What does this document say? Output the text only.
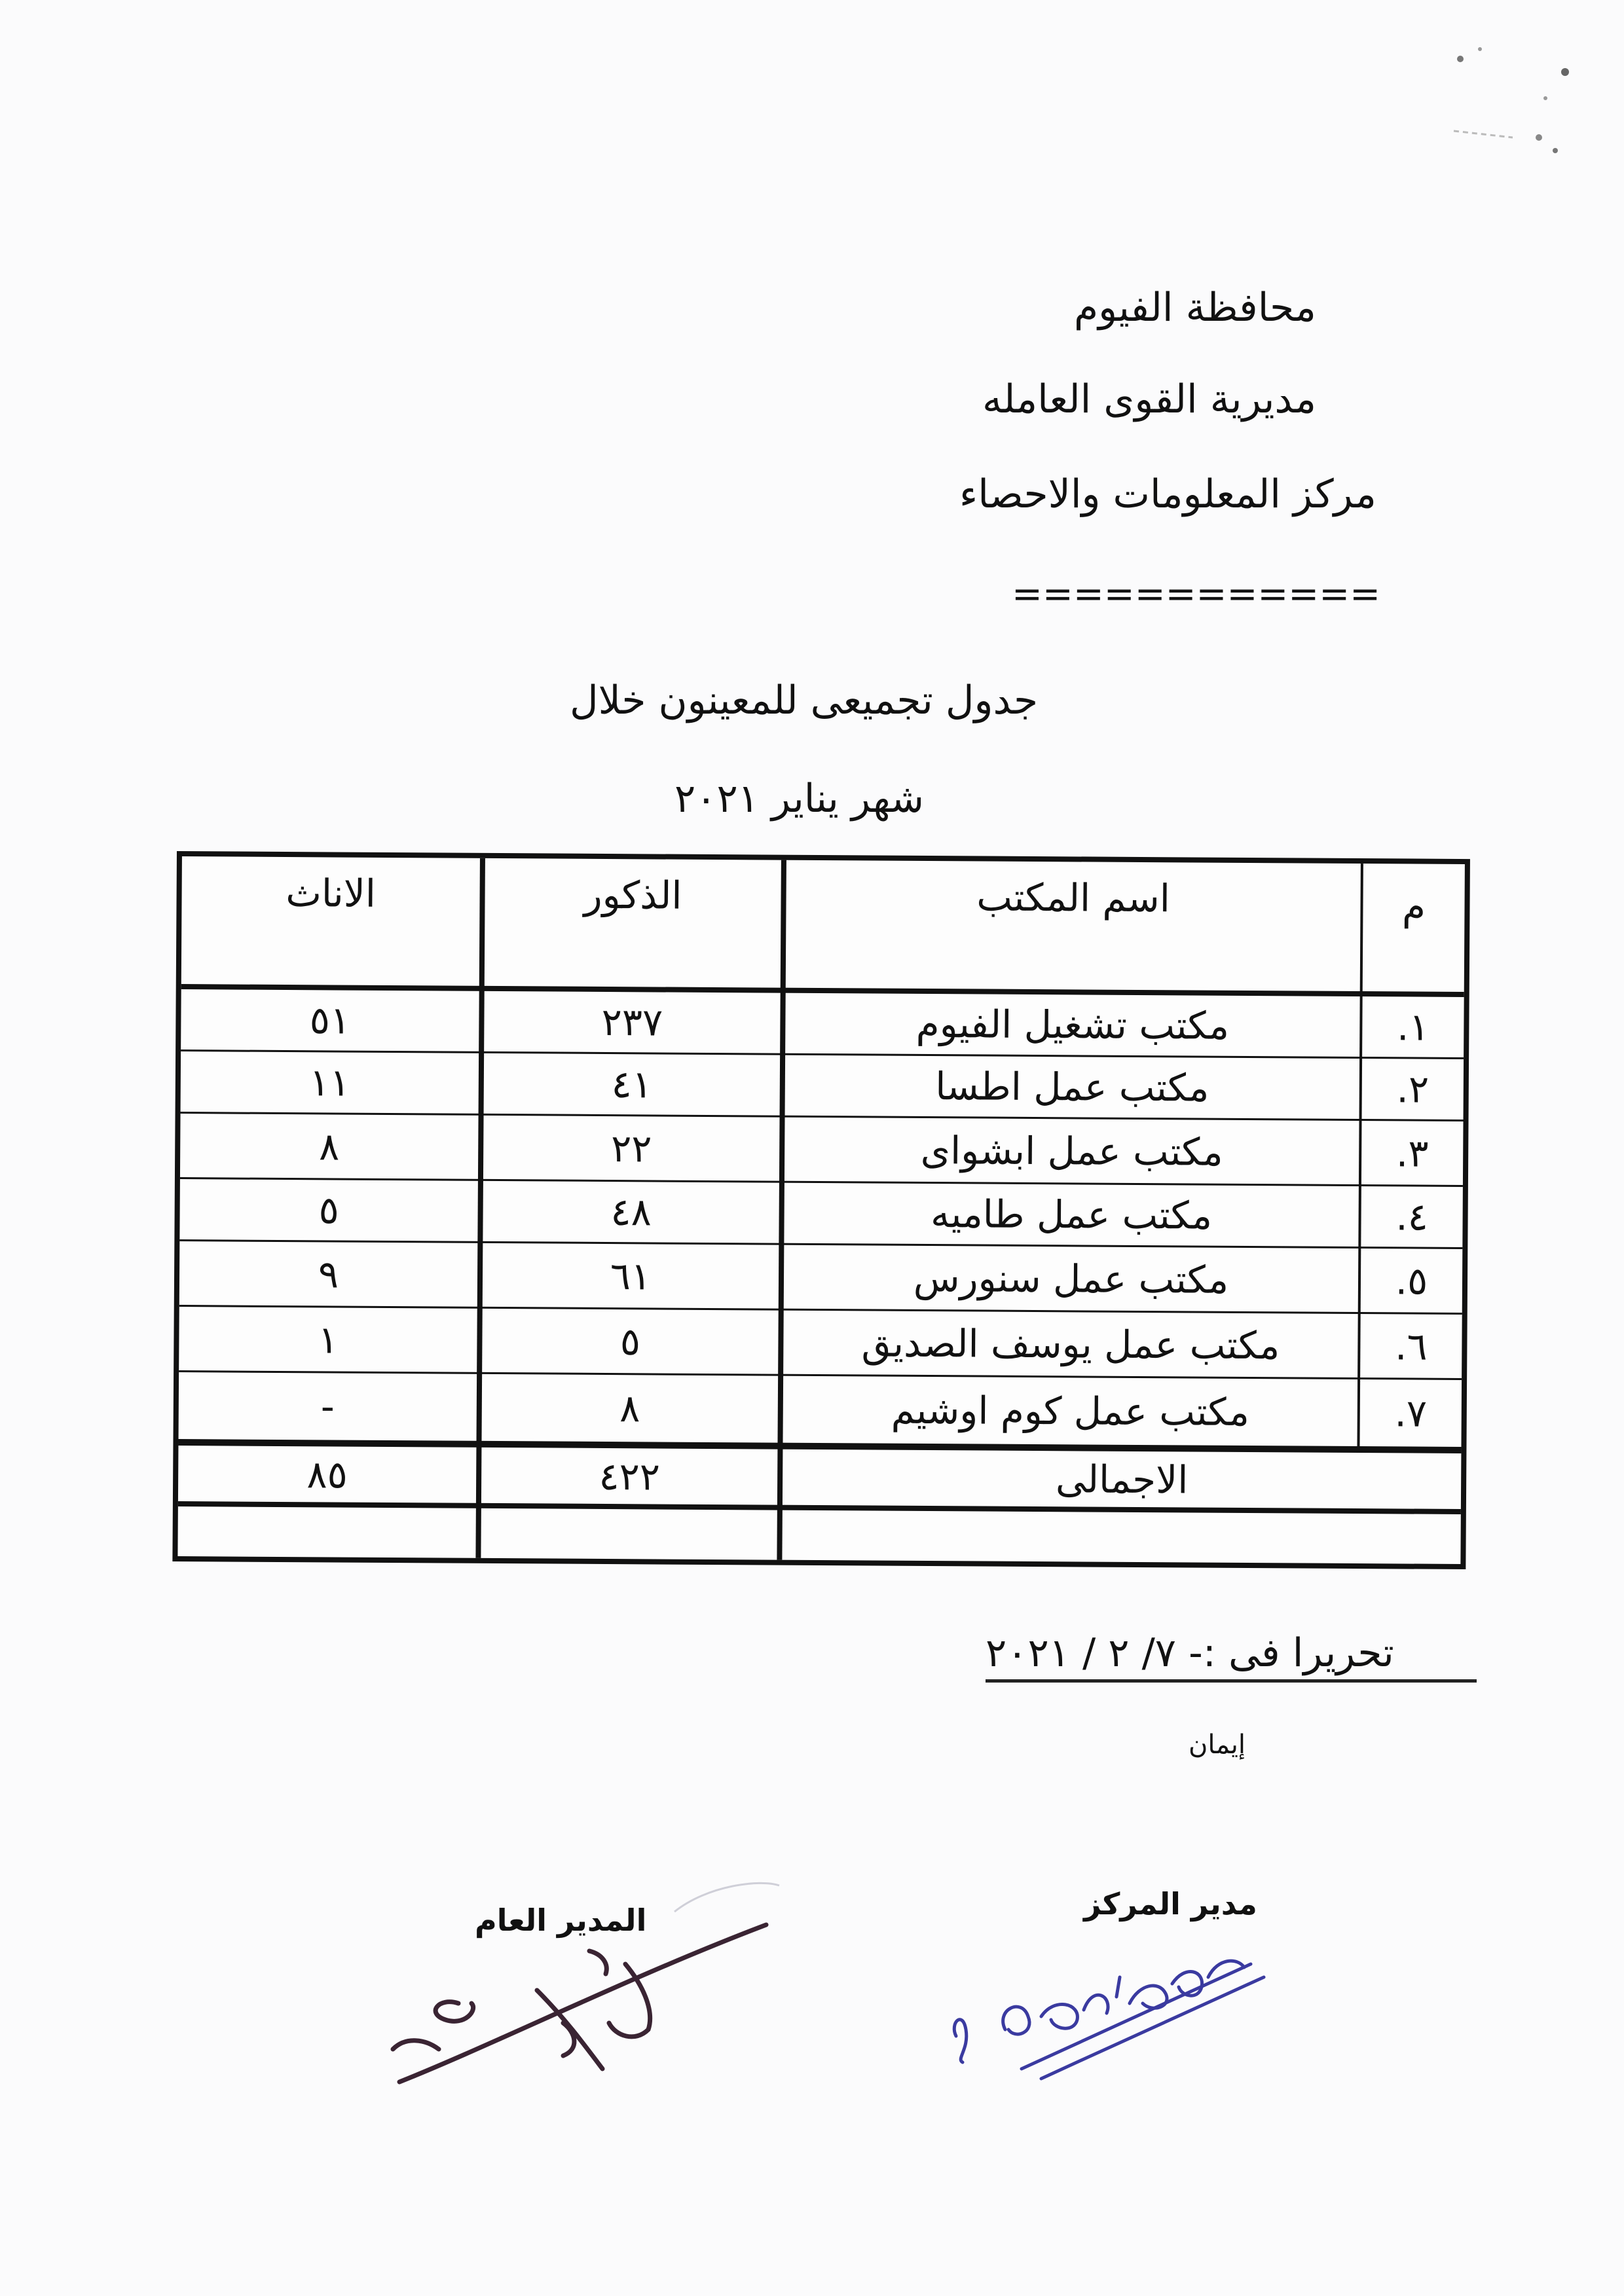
محافظة الفيوم
مديرية القوى العامله
مركز المعلومات والاحصاء
============
جدول تجميعى للمعينون خلال
شهر يناير ٢٠٢١
م
اسم المكتب
الذكور
الاناث
١.
مكتب تشغيل الفيوم
٢٣٧
٥١
٢.
مكتب عمل اطسا
٤١
١١
٣.
مكتب عمل ابشواى
٢٢
٨
٤.
مكتب عمل طاميه
٤٨
٥
٥.
مكتب عمل سنورس
٦١
٩
٦.
مكتب عمل يوسف الصديق
٥
١
٧.
مكتب عمل كوم اوشيم
٨
-
الاجمالى
٤٢٢
٨٥
تحريرا فى :- ٧/ ٢ / ٢٠٢١
إيمان
مدير المركز
المدير العام
